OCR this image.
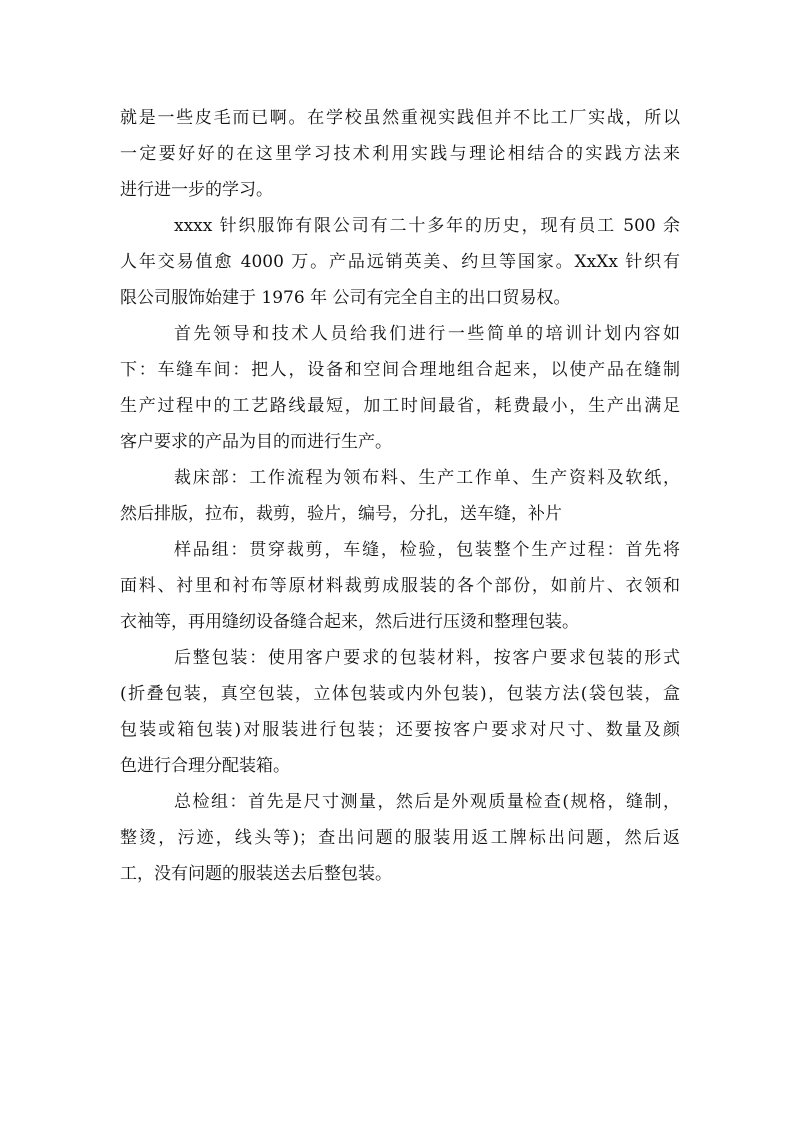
就是一些皮毛而已啊。在学校虽然重视实践但并不比工厂实战，所以
一定要好好的在这里学习技术利用实践与理论相结合的实践方法来
进行进一步的学习。
xxxx 针织服饰有限公司有二十多年的历史，现有员工 500 余
人年交易值愈 4000 万。产品远销英美、约旦等国家。XxXx 针织有
限公司服饰始建于 1976 年 公司有完全自主的出口贸易权。
首先领导和技术人员给我们进行一些简单的培训计划内容如
下：车缝车间：把人，设备和空间合理地组合起来，以使产品在缝制
生产过程中的工艺路线最短，加工时间最省，耗费最小，生产出满足
客户要求的产品为目的而进行生产。
裁床部：工作流程为领布料、生产工作单、生产资料及软纸，
然后排版，拉布，裁剪，验片，编号，分扎，送车缝，补片
样品组：贯穿裁剪，车缝，检验，包装整个生产过程：首先将
面料、衬里和衬布等原材料裁剪成服装的各个部份，如前片、衣领和
衣袖等，再用缝纫设备缝合起来，然后进行压烫和整理包装。
后整包装：使用客户要求的包装材料，按客户要求包装的形式
(折叠包装，真空包装，立体包装或内外包装)，包装方法(袋包装，盒
包装或箱包装)对服装进行包装；还要按客户要求对尺寸、数量及颜
色进行合理分配装箱。
总检组：首先是尺寸测量，然后是外观质量检查(规格，缝制，
整烫，污迹，线头等)；查出问题的服装用返工牌标出问题，然后返
工，没有问题的服装送去后整包装。
